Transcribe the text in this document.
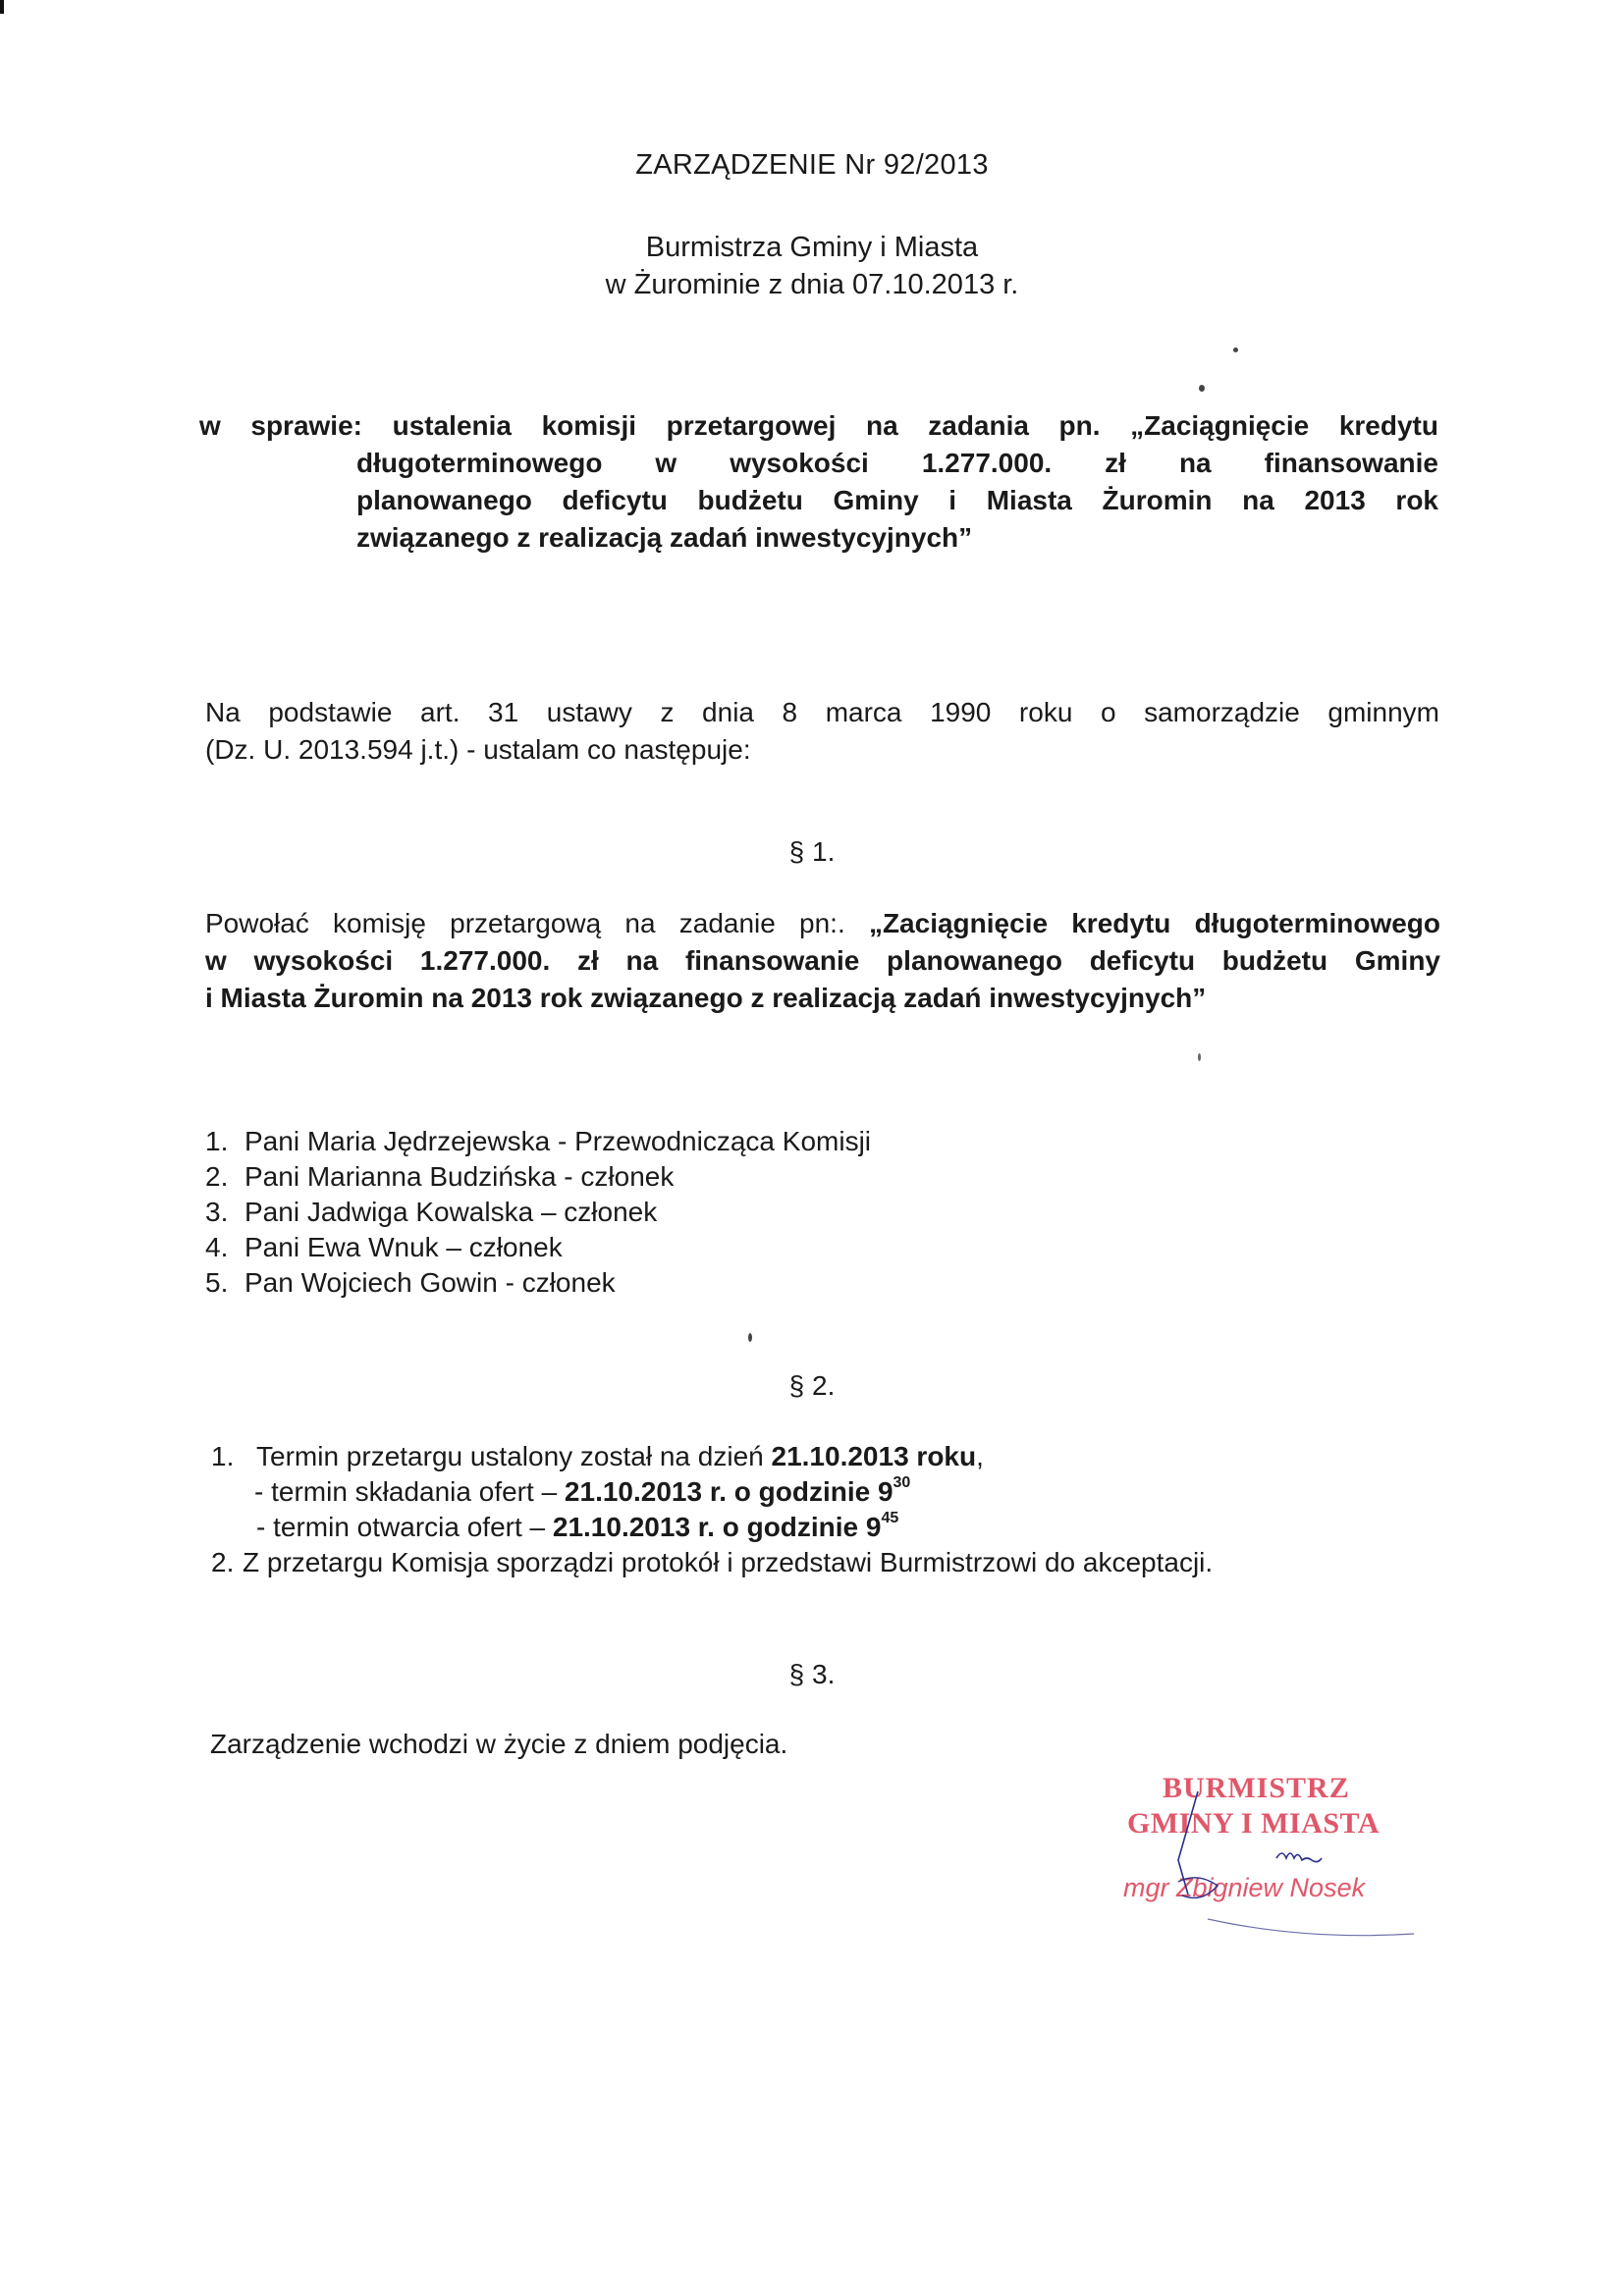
ZARZĄDZENIE Nr 92/2013
Burmistrza Gminy i Miasta
w Żurominie z dnia 07.10.2013 r.
w sprawie: ustalenia komisji przetargowej na zadania pn. „Zaciągnięcie kredytu
długoterminowego w wysokości 1.277.000. zł na finansowanie
planowanego deficytu budżetu Gminy i Miasta Żuromin na 2013 rok
związanego z realizacją zadań inwestycyjnych”
Na podstawie art. 31 ustawy z dnia 8 marca 1990 roku o samorządzie gminnym
(Dz. U. 2013.594 j.t.) - ustalam co następuje:
§ 1.
Powołać komisję przetargową na zadanie pn:. „Zaciągnięcie kredytu długoterminowego
w wysokości 1.277.000. zł na finansowanie planowanego deficytu budżetu Gminy
i Miasta Żuromin na 2013 rok związanego z realizacją zadań inwestycyjnych”
1. Pani Maria Jędrzejewska - Przewodnicząca Komisji
2. Pani Marianna Budzińska - członek
3. Pani Jadwiga Kowalska – członek
4. Pani Ewa Wnuk – członek
5. Pan Wojciech Gowin - członek
§ 2.
1. Termin przetargu ustalony został na dzień 21.10.2013 roku,
- termin składania ofert – 21.10.2013 r. o godzinie $9^{30}$
- termin otwarcia ofert – 21.10.2013 r. o godzinie $9^{45}$
2. Z przetargu Komisja sporządzi protokół i przedstawi Burmistrzowi do akceptacji.
§ 3.
Zarządzenie wchodzi w życie z dniem podjęcia.
BURMISTRZ
GMINY I MIASTA
mgr Zbigniew Nosek
